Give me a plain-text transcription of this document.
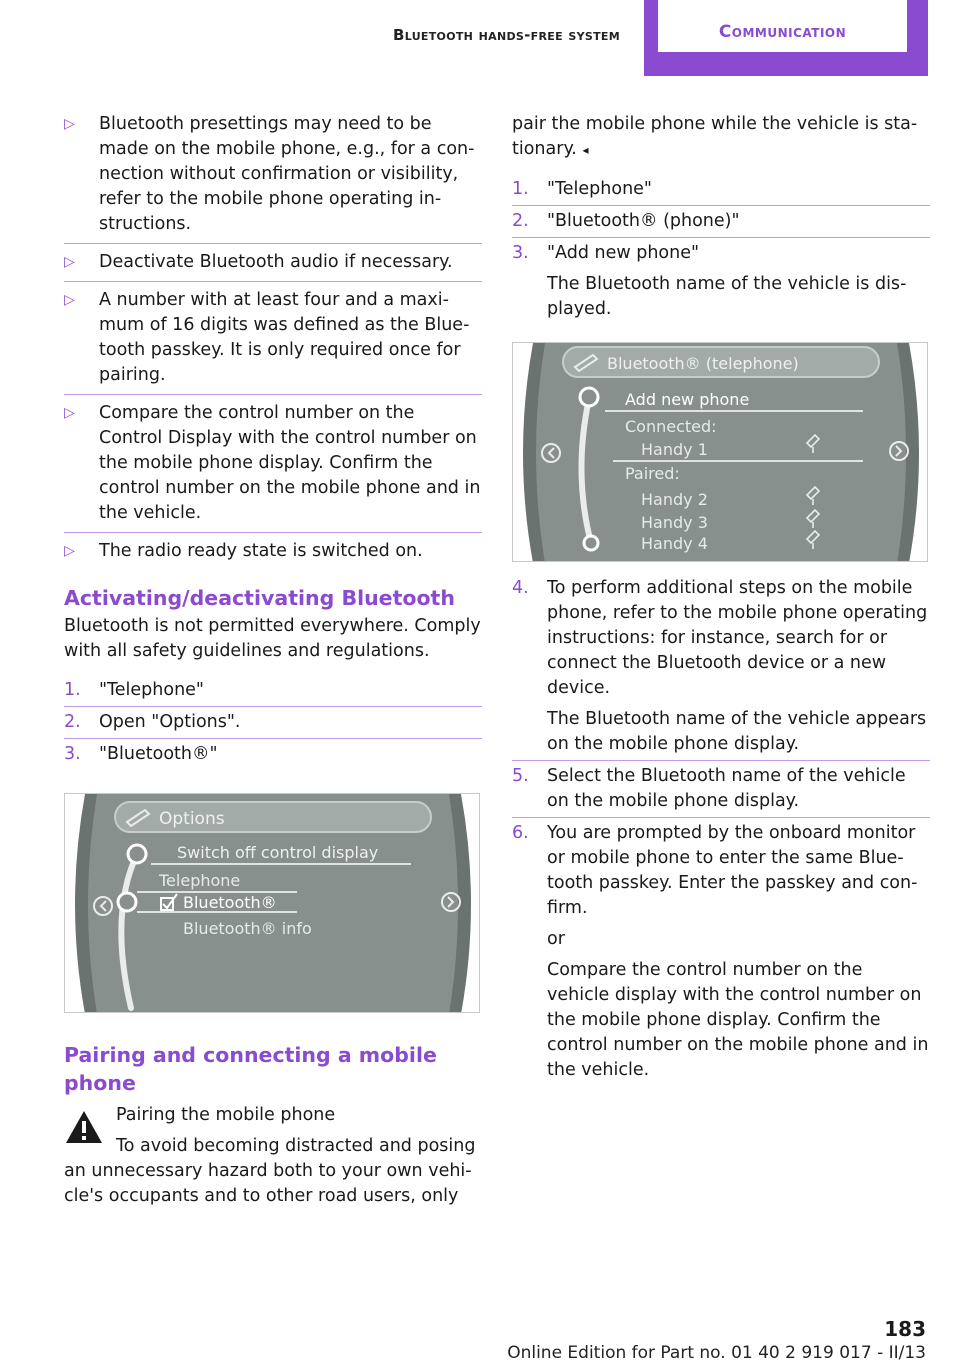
Bluetooth hands-free system	Communication
▷ Bluetooth presettings may need to be made on the mobile phone, e.g., for a connection without confirmation or visibility, refer to the mobile phone operating instructions.
▷ Deactivate Bluetooth audio if necessary.
▷ A number with at least four and a maximum of 16 digits was defined as the Bluetooth passkey. It is only required once for pairing.
▷ Compare the control number on the Control Display with the control number on the mobile phone display. Confirm the control number on the mobile phone and in the vehicle.
▷ The radio ready state is switched on.
Activating/deactivating Bluetooth
Bluetooth is not permitted everywhere. Comply with all safety guidelines and regulations.
1. "Telephone"
2. Open "Options".
3. "Bluetooth®"
Options
Switch off control display
Telephone
Bluetooth®
Bluetooth® info
Pairing and connecting a mobile phone
Pairing the mobile phone
To avoid becoming distracted and posing an unnecessary hazard both to your own vehicle's occupants and to other road users, only
pair the mobile phone while the vehicle is stationary. ◂
1. "Telephone"
2. "Bluetooth® (phone)"
3. "Add new phone"
The Bluetooth name of the vehicle is displayed.
Bluetooth® (telephone)
Add new phone
Connected:
Handy 1
Paired:
Handy 2
Handy 3
Handy 4
4. To perform additional steps on the mobile phone, refer to the mobile phone operating instructions: for instance, search for or connect the Bluetooth device or a new device.
The Bluetooth name of the vehicle appears on the mobile phone display.
5. Select the Bluetooth name of the vehicle on the mobile phone display.
6. You are prompted by the onboard monitor or mobile phone to enter the same Bluetooth passkey. Enter the passkey and confirm.
or
Compare the control number on the vehicle display with the control number on the mobile phone display. Confirm the control number on the mobile phone and in the vehicle.
183
Online Edition for Part no. 01 40 2 919 017 - II/13
